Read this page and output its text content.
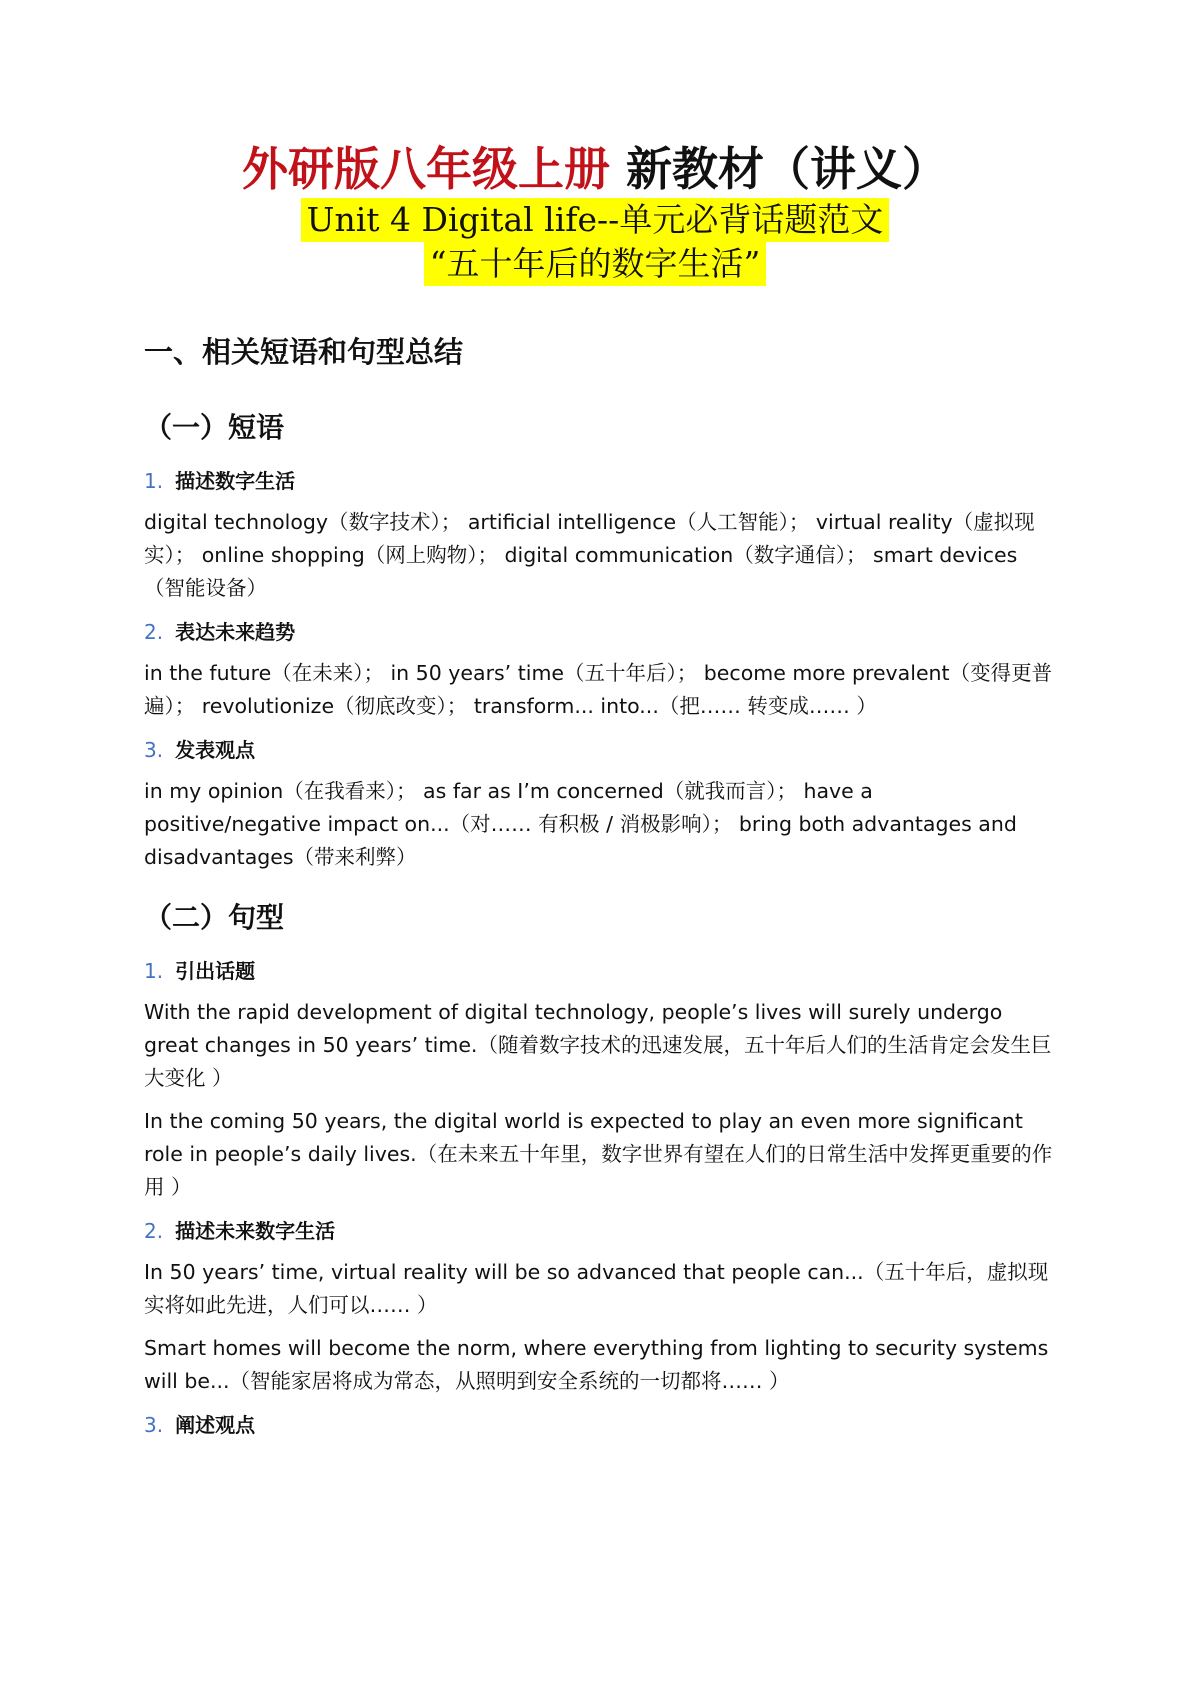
外研版八年级上册 新教材（讲义）
Unit 4 Digital life--单元必背话题范文
“五十年后的数字生活”
一、相关短语和句型总结
（一）短语
1. 描述数字生活

digital technology（数字技术）； artificial intelligence（人工智能）； virtual reality（虚拟现实）； online shopping（网上购物）； digital communication（数字通信）； smart devices（智能设备）

2. 表达未来趋势

in the future（在未来）； in 50 years’ time（五十年后）； become more prevalent（变得更普遍）； revolutionize（彻底改变）； transform... into...（把…… 转变成…… ）

3. 发表观点

in my opinion（在我看来）； as far as I’m concerned（就我而言）； have a positive/negative impact on...（对…… 有积极 / 消极影响）； bring both advantages and disadvantages（带来利弊）

（二）句型
1. 引出话题

With the rapid development of digital technology, people’s lives will surely undergo great changes in 50 years’ time.（随着数字技术的迅速发展，五十年后人们的生活肯定会发生巨大变化 ）

In the coming 50 years, the digital world is expected to play an even more significant role in people’s daily lives.（在未来五十年里，数字世界有望在人们的日常生活中发挥更重要的作用 ）

2. 描述未来数字生活

In 50 years’ time, virtual reality will be so advanced that people can...（五十年后，虚拟现实将如此先进，人们可以…… ）

Smart homes will become the norm, where everything from lighting to security systems will be...（智能家居将成为常态，从照明到安全系统的一切都将…… ）

3. 阐述观点
